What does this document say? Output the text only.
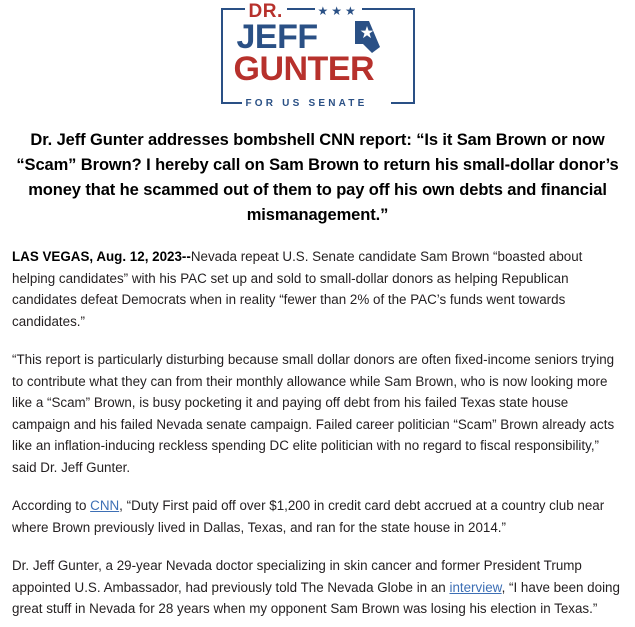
DR.	★★★
JEFF
GUNTER
FOR US SENATE
Dr. Jeff Gunter addresses bombshell CNN report: “Is it Sam Brown or now “Scam” Brown? I hereby call on Sam Brown to return his small-dollar donor’s money that he scammed out of them to pay off his own debts and financial mismanagement.”

LAS VEGAS, Aug. 12, 2023--Nevada repeat U.S. Senate candidate Sam Brown “boasted about helping candidates” with his PAC set up and sold to small-dollar donors as helping Republican candidates defeat Democrats when in reality “fewer than 2% of the PAC’s funds went towards candidates.”

“This report is particularly disturbing because small dollar donors are often fixed-income seniors trying to contribute what they can from their monthly allowance while Sam Brown, who is now looking more like a “Scam” Brown, is busy pocketing it and paying off debt from his failed Texas state house campaign and his failed Nevada senate campaign. Failed career politician “Scam” Brown already acts like an inflation-inducing reckless spending DC elite politician with no regard to fiscal responsibility,” said Dr. Jeff Gunter.

According to CNN, “Duty First paid off over $1,200 in credit card debt accrued at a country club near where Brown previously lived in Dallas, Texas, and ran for the state house in 2014.”

Dr. Jeff Gunter, a 29-year Nevada doctor specializing in skin cancer and former President Trump appointed U.S. Ambassador, had previously told The Nevada Globe in an interview, “I have been doing great stuff in Nevada for 28 years when my opponent Sam Brown was losing his election in Texas.”
